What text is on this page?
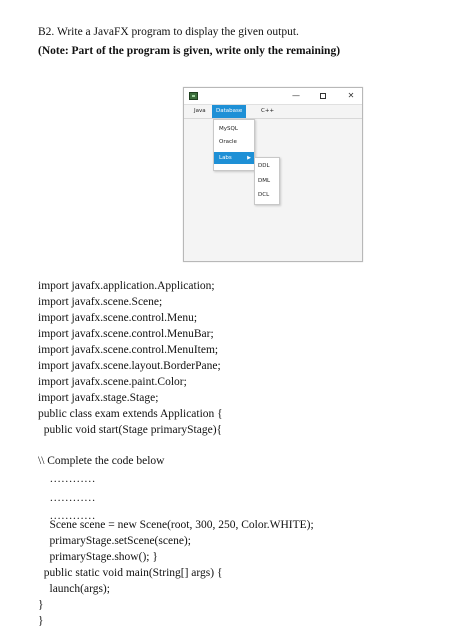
B2. Write a JavaFX program to display the given output.
(Note: Part of the program is given, write only the remaining)
—	✕
Java	Database	C++
MySQL
Oracle
Labs	▶
DDL
DML
DCL
import javafx.application.Application;
import javafx.scene.Scene;
import javafx.scene.control.Menu;
import javafx.scene.control.MenuBar;
import javafx.scene.control.MenuItem;
import javafx.scene.layout.BorderPane;
import javafx.scene.paint.Color;
import javafx.stage.Stage;
public class exam extends Application {
public void start(Stage primaryStage){
\\ Complete the code below
…………
…………
…………
Scene scene = new Scene(root, 300, 250, Color.WHITE);
primaryStage.setScene(scene);
primaryStage.show(); }
public static void main(String[] args) {
launch(args);
}
}
